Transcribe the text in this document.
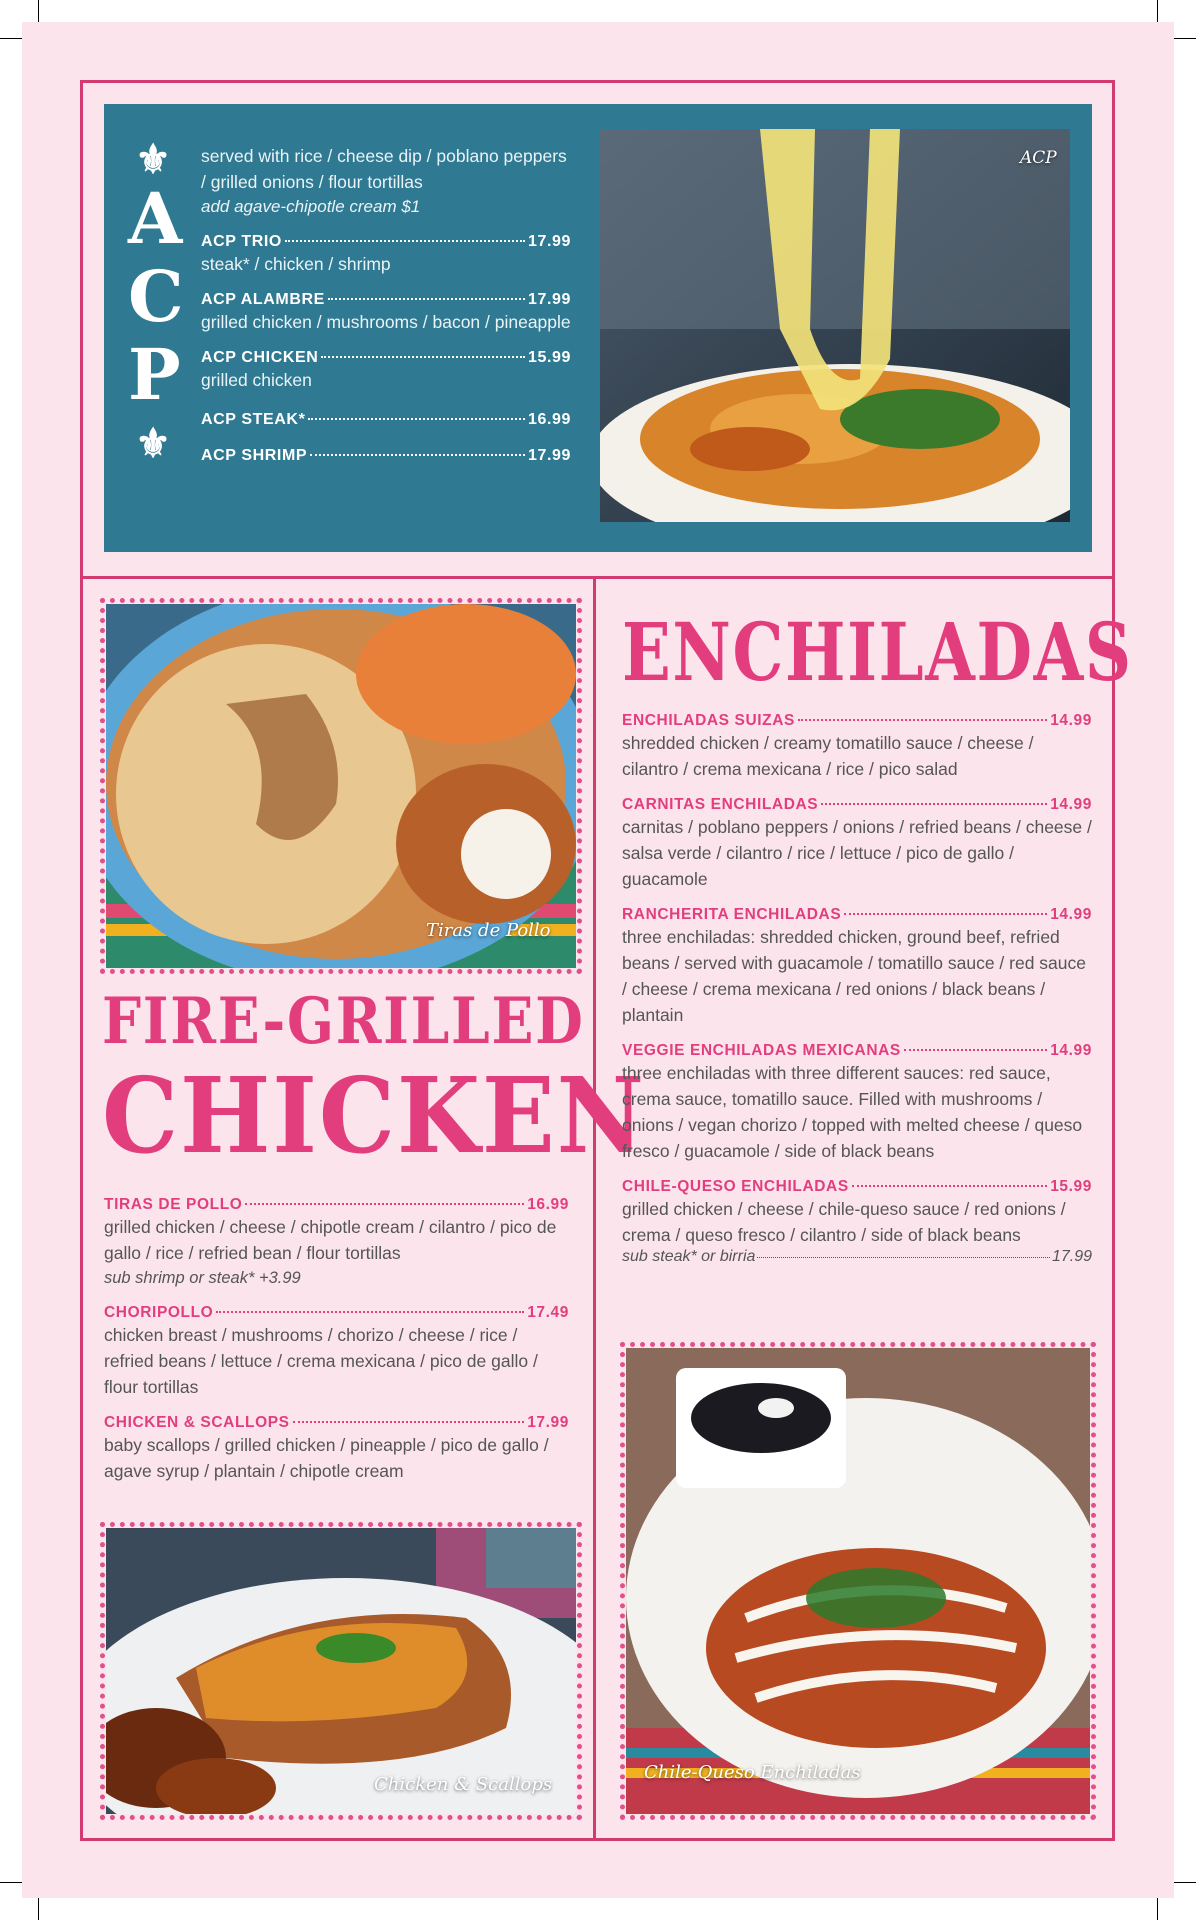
⚜
A
C
P
⚜
served with rice / cheese dip / poblano peppers / grilled onions / flour tortillas
add agave-chipotle cream $1
ACP TRIO	17.99
steak* / chicken / shrimp
ACP ALAMBRE	17.99
grilled chicken / mushrooms / bacon / pineapple
ACP CHICKEN	15.99
grilled chicken
ACP STEAK*	16.99
ACP SHRIMP	17.99
ACP
Tiras de Pollo
FIRE-GRILLED
CHICKEN
TIRAS DE POLLO	16.99
grilled chicken / cheese / chipotle cream / cilantro / pico de gallo / rice / refried bean / flour tortillas
sub shrimp or steak* +3.99
CHORIPOLLO	17.49
chicken breast / mushrooms / chorizo / cheese / rice / refried beans / lettuce / crema mexicana / pico de gallo / flour tortillas
CHICKEN & SCALLOPS	17.99
baby scallops / grilled chicken / pineapple / pico de gallo / agave syrup / plantain / chipotle cream
Chicken & Scallops
ENCHILADAS
ENCHILADAS SUIZAS	14.99
shredded chicken / creamy tomatillo sauce / cheese / cilantro / crema mexicana / rice / pico salad
CARNITAS ENCHILADAS	14.99
carnitas / poblano peppers / onions / refried beans / cheese / salsa verde / cilantro / rice / lettuce / pico de gallo / guacamole
RANCHERITA ENCHILADAS	14.99
three enchiladas: shredded chicken, ground beef, refried beans / served with guacamole / tomatillo sauce / red sauce / cheese / crema mexicana / red onions / black beans / plantain
VEGGIE ENCHILADAS MEXICANAS	14.99
three enchiladas with three different sauces: red sauce, crema sauce, tomatillo sauce. Filled with mushrooms / onions / vegan chorizo / topped with melted cheese / queso fresco / guacamole / side of black beans
CHILE-QUESO ENCHILADAS	15.99
grilled chicken / cheese / chile-queso sauce / red onions / crema / queso fresco / cilantro / side of black beans
sub steak* or birria	17.99
Chile-Queso Enchiladas
